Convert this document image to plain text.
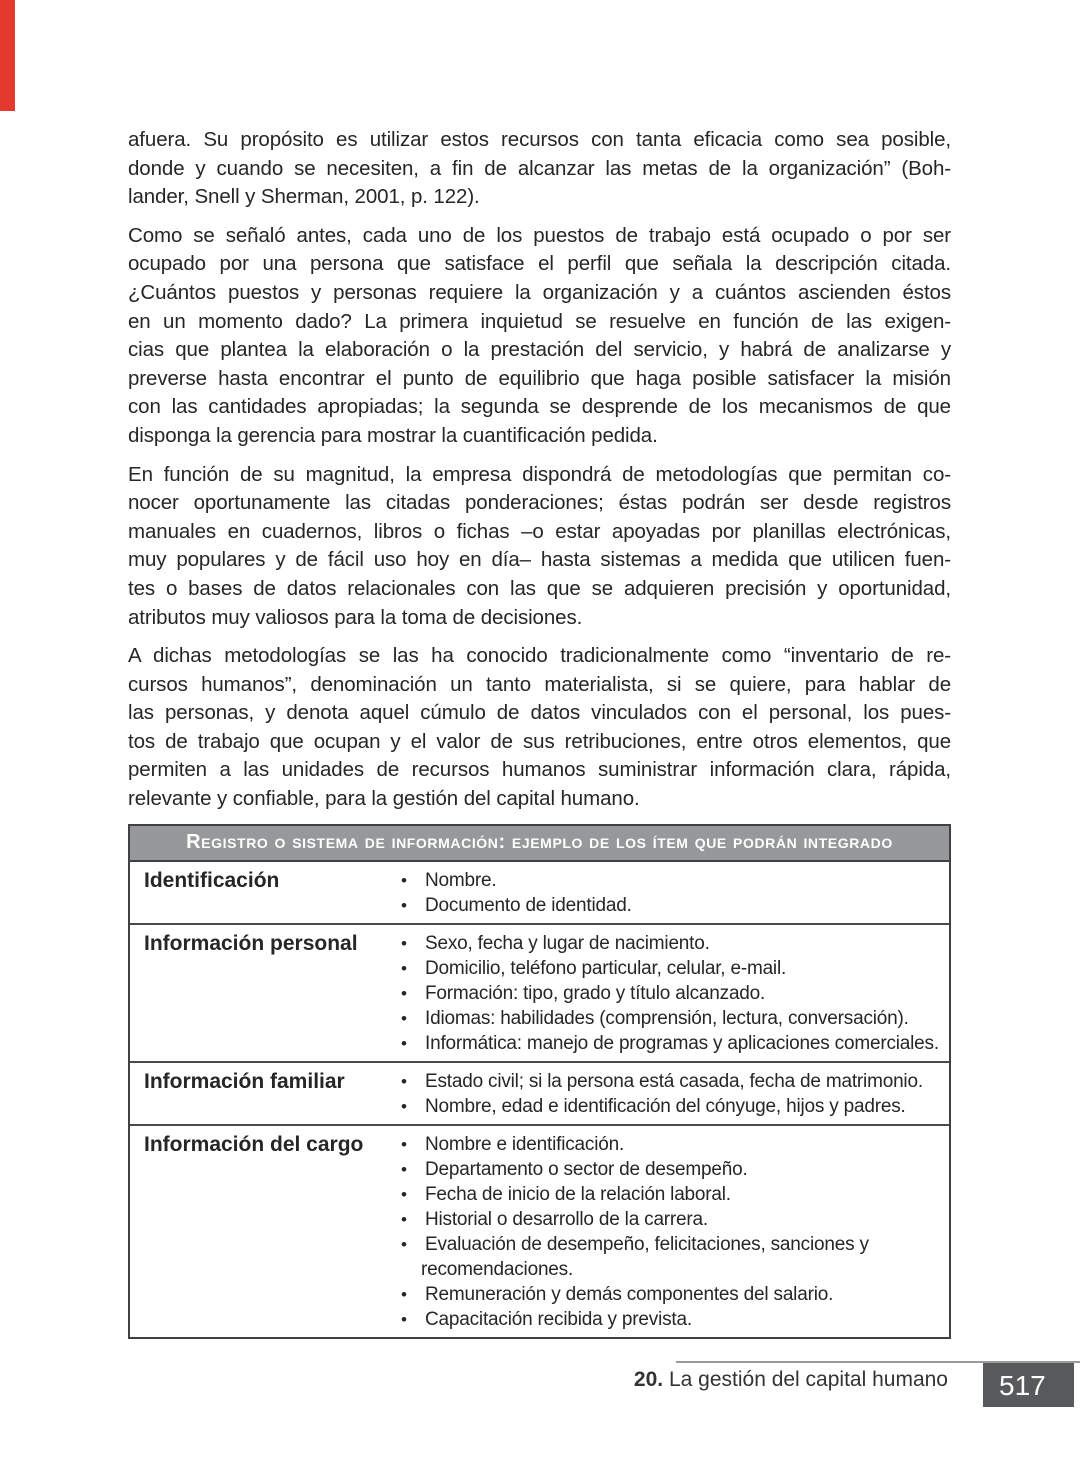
afuera. Su propósito es utilizar estos recursos con tanta eficacia como sea posible,
donde y cuando se necesiten, a fin de alcanzar las metas de la organización” (Boh-
lander, Snell y Sherman, 2001, p. 122).
Como se señaló antes, cada uno de los puestos de trabajo está ocupado o por ser
ocupado por una persona que satisface el perfil que señala la descripción citada.
¿Cuántos puestos y personas requiere la organización y a cuántos ascienden éstos
en un momento dado? La primera inquietud se resuelve en función de las exigen-
cias que plantea la elaboración o la prestación del servicio, y habrá de analizarse y
preverse hasta encontrar el punto de equilibrio que haga posible satisfacer la misión
con las cantidades apropiadas; la segunda se desprende de los mecanismos de que
disponga la gerencia para mostrar la cuantificación pedida.
En función de su magnitud, la empresa dispondrá de metodologías que permitan co-
nocer oportunamente las citadas ponderaciones; éstas podrán ser desde registros
manuales en cuadernos, libros o fichas –o estar apoyadas por planillas electrónicas,
muy populares y de fácil uso hoy en día– hasta sistemas a medida que utilicen fuen-
tes o bases de datos relacionales con las que se adquieren precisión y oportunidad,
atributos muy valiosos para la toma de decisiones.
A dichas metodologías se las ha conocido tradicionalmente como “inventario de re-
cursos humanos”, denominación un tanto materialista, si se quiere, para hablar de
las personas, y denota aquel cúmulo de datos vinculados con el personal, los pues-
tos de trabajo que ocupan y el valor de sus retribuciones, entre otros elementos, que
permiten a las unidades de recursos humanos suministrar información clara, rápida,
relevante y confiable, para la gestión del capital humano.
Registro o sistema de información: ejemplo de los ítem que podrán integrado
Identificación	• Nombre.
• Documento de identidad.
Información personal	• Sexo, fecha y lugar de nacimiento.
• Domicilio, teléfono particular, celular, e-mail.
• Formación: tipo, grado y título alcanzado.
• Idiomas: habilidades (comprensión, lectura, conversación).
• Informática: manejo de programas y aplicaciones comerciales.
Información familiar	• Estado civil; si la persona está casada, fecha de matrimonio.
• Nombre, edad e identificación del cónyuge, hijos y padres.
Información del cargo	• Nombre e identificación.
• Departamento o sector de desempeño.
• Fecha de inicio de la relación laboral.
• Historial o desarrollo de la carrera.
• Evaluación de desempeño, felicitaciones, sanciones y
recomendaciones.
• Remuneración y demás componentes del salario.
• Capacitación recibida y prevista.
20. La gestión del capital humano	517
